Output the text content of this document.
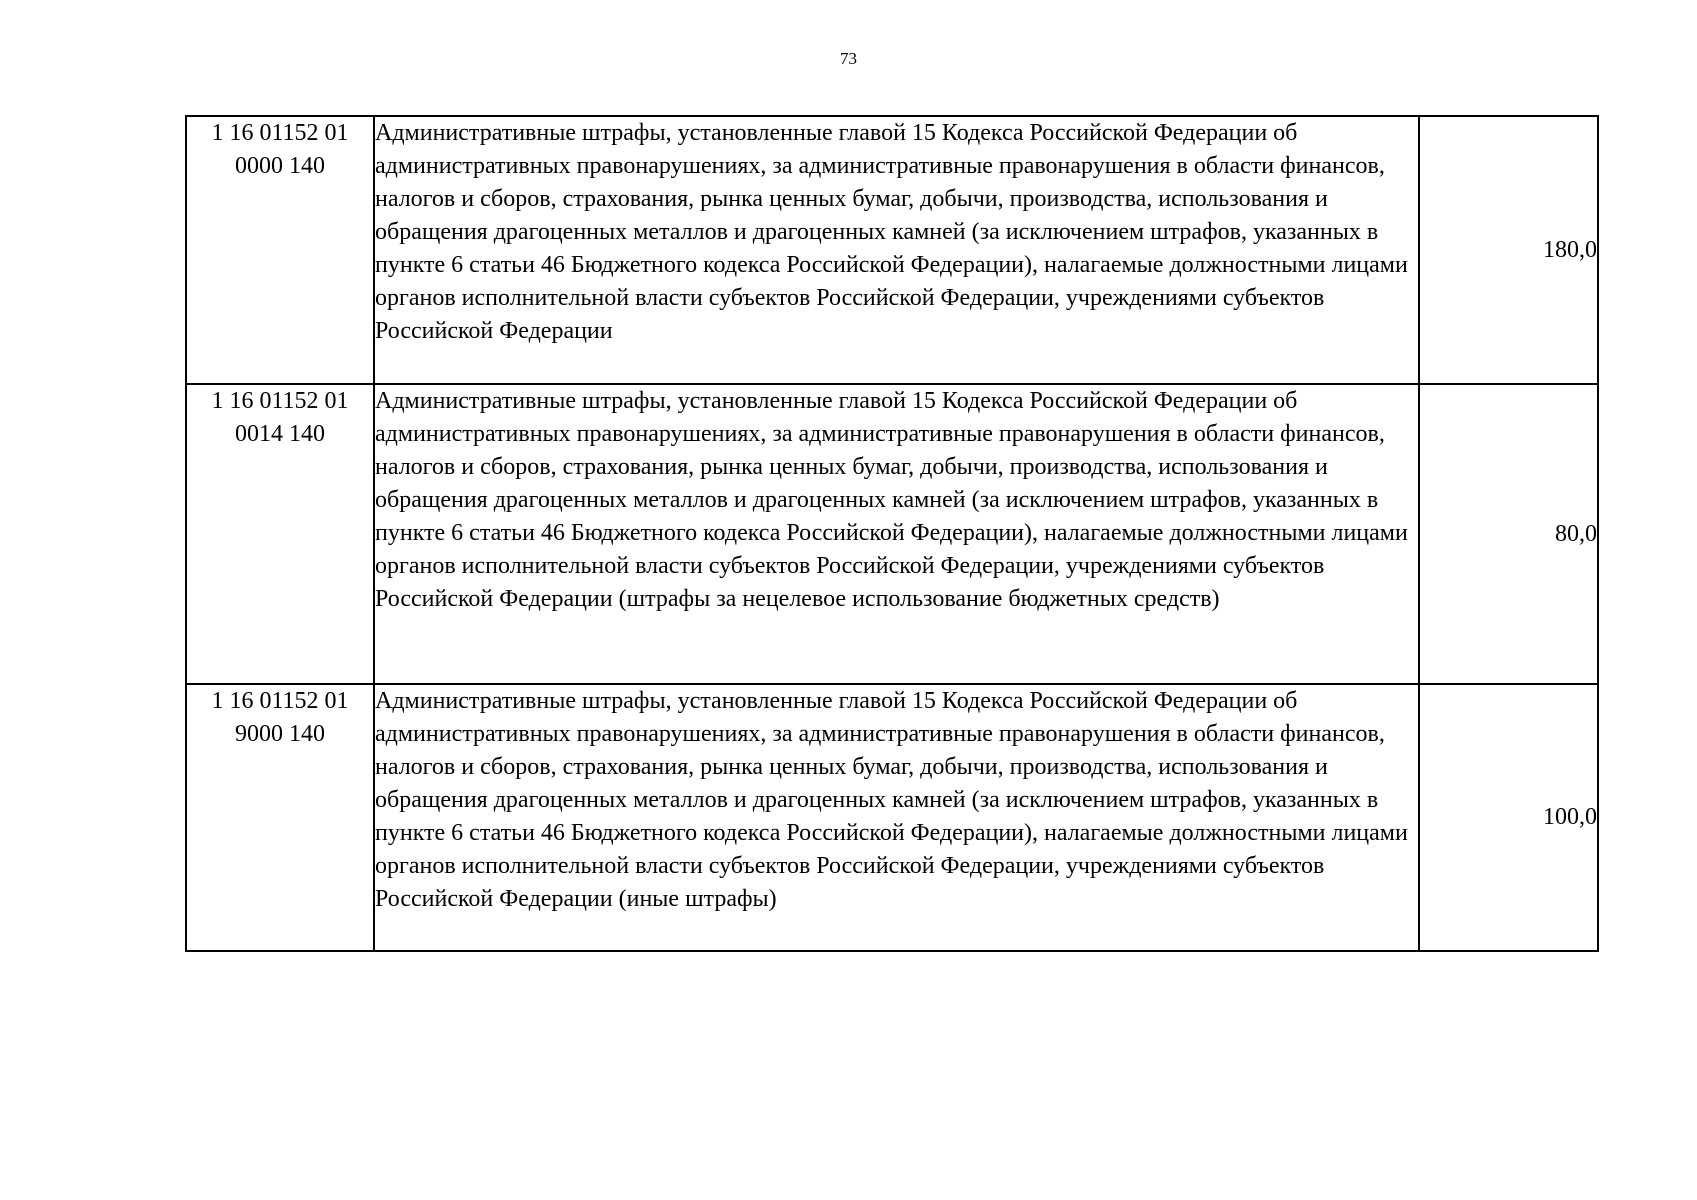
73
1 16 01152 01 0000 140	Административные штрафы, установленные главой 15 Кодекса Российской Федерации об административных правонарушениях, за административные правонарушения в области финансов, налогов и сборов, страхования, рынка ценных бумаг, добычи, производства, использования и обращения драгоценных металлов и драгоценных камней (за исключением штрафов, указанных в пункте 6 статьи 46 Бюджетного кодекса Российской Федерации), налагаемые должностными лицами органов исполнительной власти субъектов Российской Федерации, учреждениями субъектов Российской Федерации	180,0
1 16 01152 01 0014 140	Административные штрафы, установленные главой 15 Кодекса Российской Федерации об административных правонарушениях, за административные правонарушения в области финансов, налогов и сборов, страхования, рынка ценных бумаг, добычи, производства, использования и обращения драгоценных металлов и драгоценных камней (за исключением штрафов, указанных в пункте 6 статьи 46 Бюджетного кодекса Российской Федерации), налагаемые должностными лицами органов исполнительной власти субъектов Российской Федерации, учреждениями субъектов Российской Федерации (штрафы за нецелевое использование бюджетных средств)	80,0
1 16 01152 01 9000 140	Административные штрафы, установленные главой 15 Кодекса Российской Федерации об административных правонарушениях, за административные правонарушения в области финансов, налогов и сборов, страхования, рынка ценных бумаг, добычи, производства, использования и обращения драгоценных металлов и драгоценных камней (за исключением штрафов, указанных в пункте 6 статьи 46 Бюджетного кодекса Российской Федерации), налагаемые должностными лицами органов исполнительной власти субъектов Российской Федерации, учреждениями субъектов Российской Федерации (иные штрафы)	100,0
